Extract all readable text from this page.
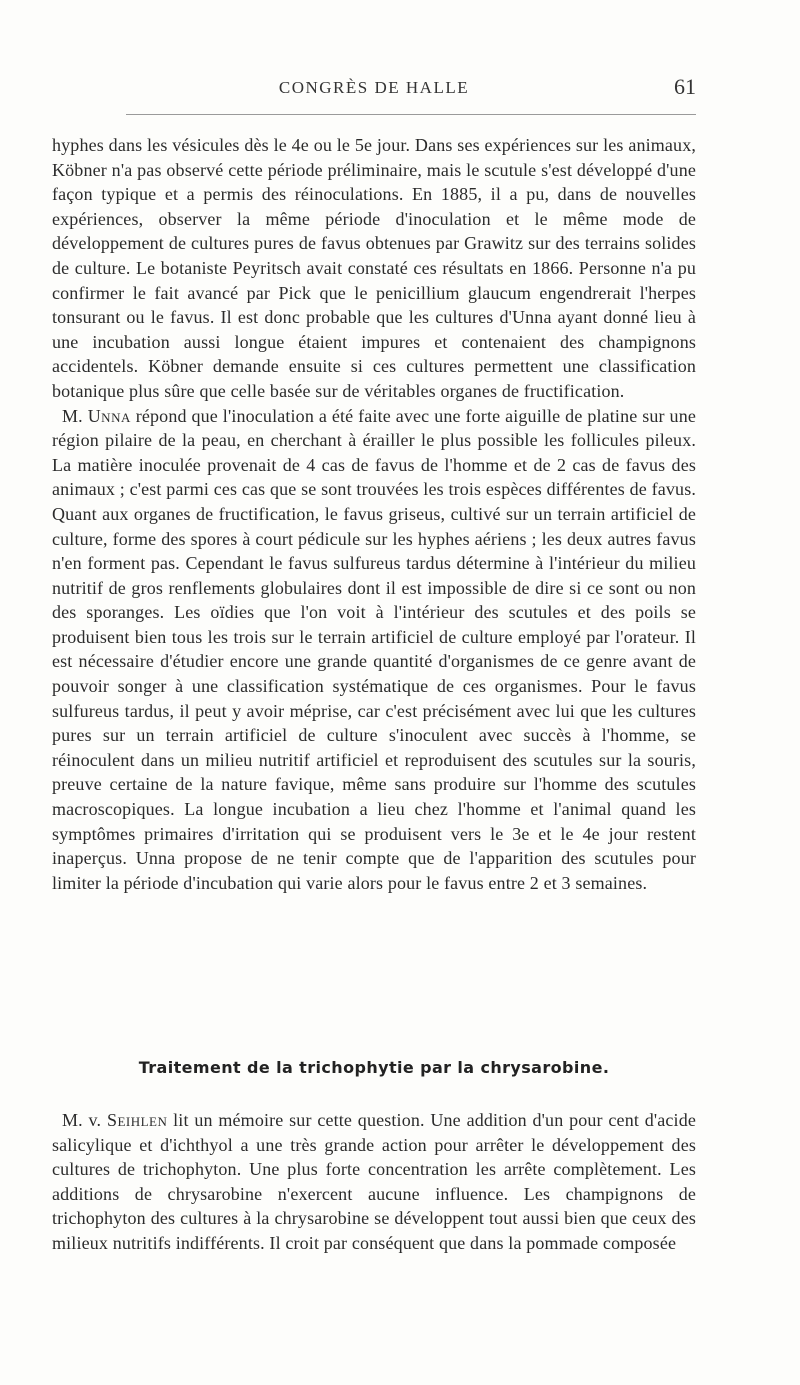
CONGRÈS DE HALLE	61

hyphes dans les vésicules dès le 4e ou le 5e jour. Dans ses expériences sur les animaux, Köbner n'a pas observé cette période préliminaire, mais le scutule s'est développé d'une façon typique et a permis des réinoculations. En 1885, il a pu, dans de nouvelles expériences, observer la même période d'inoculation et le même mode de développement de cultures pures de favus obtenues par Grawitz sur des terrains solides de culture. Le botaniste Peyritsch avait constaté ces résultats en 1866. Personne n'a pu confirmer le fait avancé par Pick que le penicillium glaucum engendrerait l'herpes tonsurant ou le favus. Il est donc probable que les cultures d'Unna ayant donné lieu à une incubation aussi longue étaient impures et contenaient des champignons accidentels. Köbner demande ensuite si ces cultures permettent une classification botanique plus sûre que celle basée sur de véritables organes de fructification.

M. Unna répond que l'inoculation a été faite avec une forte aiguille de platine sur une région pilaire de la peau, en cherchant à érailler le plus possible les follicules pileux. La matière inoculée provenait de 4 cas de favus de l'homme et de 2 cas de favus des animaux ; c'est parmi ces cas que se sont trouvées les trois espèces différentes de favus. Quant aux organes de fructification, le favus griseus, cultivé sur un terrain artificiel de culture, forme des spores à court pédicule sur les hyphes aériens ; les deux autres favus n'en forment pas. Cependant le favus sulfureus tardus détermine à l'intérieur du milieu nutritif de gros renflements globulaires dont il est impossible de dire si ce sont ou non des sporanges. Les oïdies que l'on voit à l'intérieur des scutules et des poils se produisent bien tous les trois sur le terrain artificiel de culture employé par l'orateur. Il est nécessaire d'étudier encore une grande quantité d'organismes de ce genre avant de pouvoir songer à une classification systématique de ces organismes. Pour le favus sulfureus tardus, il peut y avoir méprise, car c'est précisément avec lui que les cultures pures sur un terrain artificiel de culture s'inoculent avec succès à l'homme, se réinoculent dans un milieu nutritif artificiel et reproduisent des scutules sur la souris, preuve certaine de la nature favique, même sans produire sur l'homme des scutules macroscopiques. La longue incubation a lieu chez l'homme et l'animal quand les symptômes primaires d'irritation qui se produisent vers le 3e et le 4e jour restent inaperçus. Unna propose de ne tenir compte que de l'apparition des scutules pour limiter la période d'incubation qui varie alors pour le favus entre 2 et 3 semaines.

Traitement de la trichophytie par la chrysarobine.

M. v. Seihlen lit un mémoire sur cette question. Une addition d'un pour cent d'acide salicylique et d'ichthyol a une très grande action pour arrêter le développement des cultures de trichophyton. Une plus forte concentration les arrête complètement. Les additions de chrysarobine n'exercent aucune influence. Les champignons de trichophyton des cultures à la chrysarobine se développent tout aussi bien que ceux des milieux nutritifs indifférents. Il croit par conséquent que dans la pommade composée
